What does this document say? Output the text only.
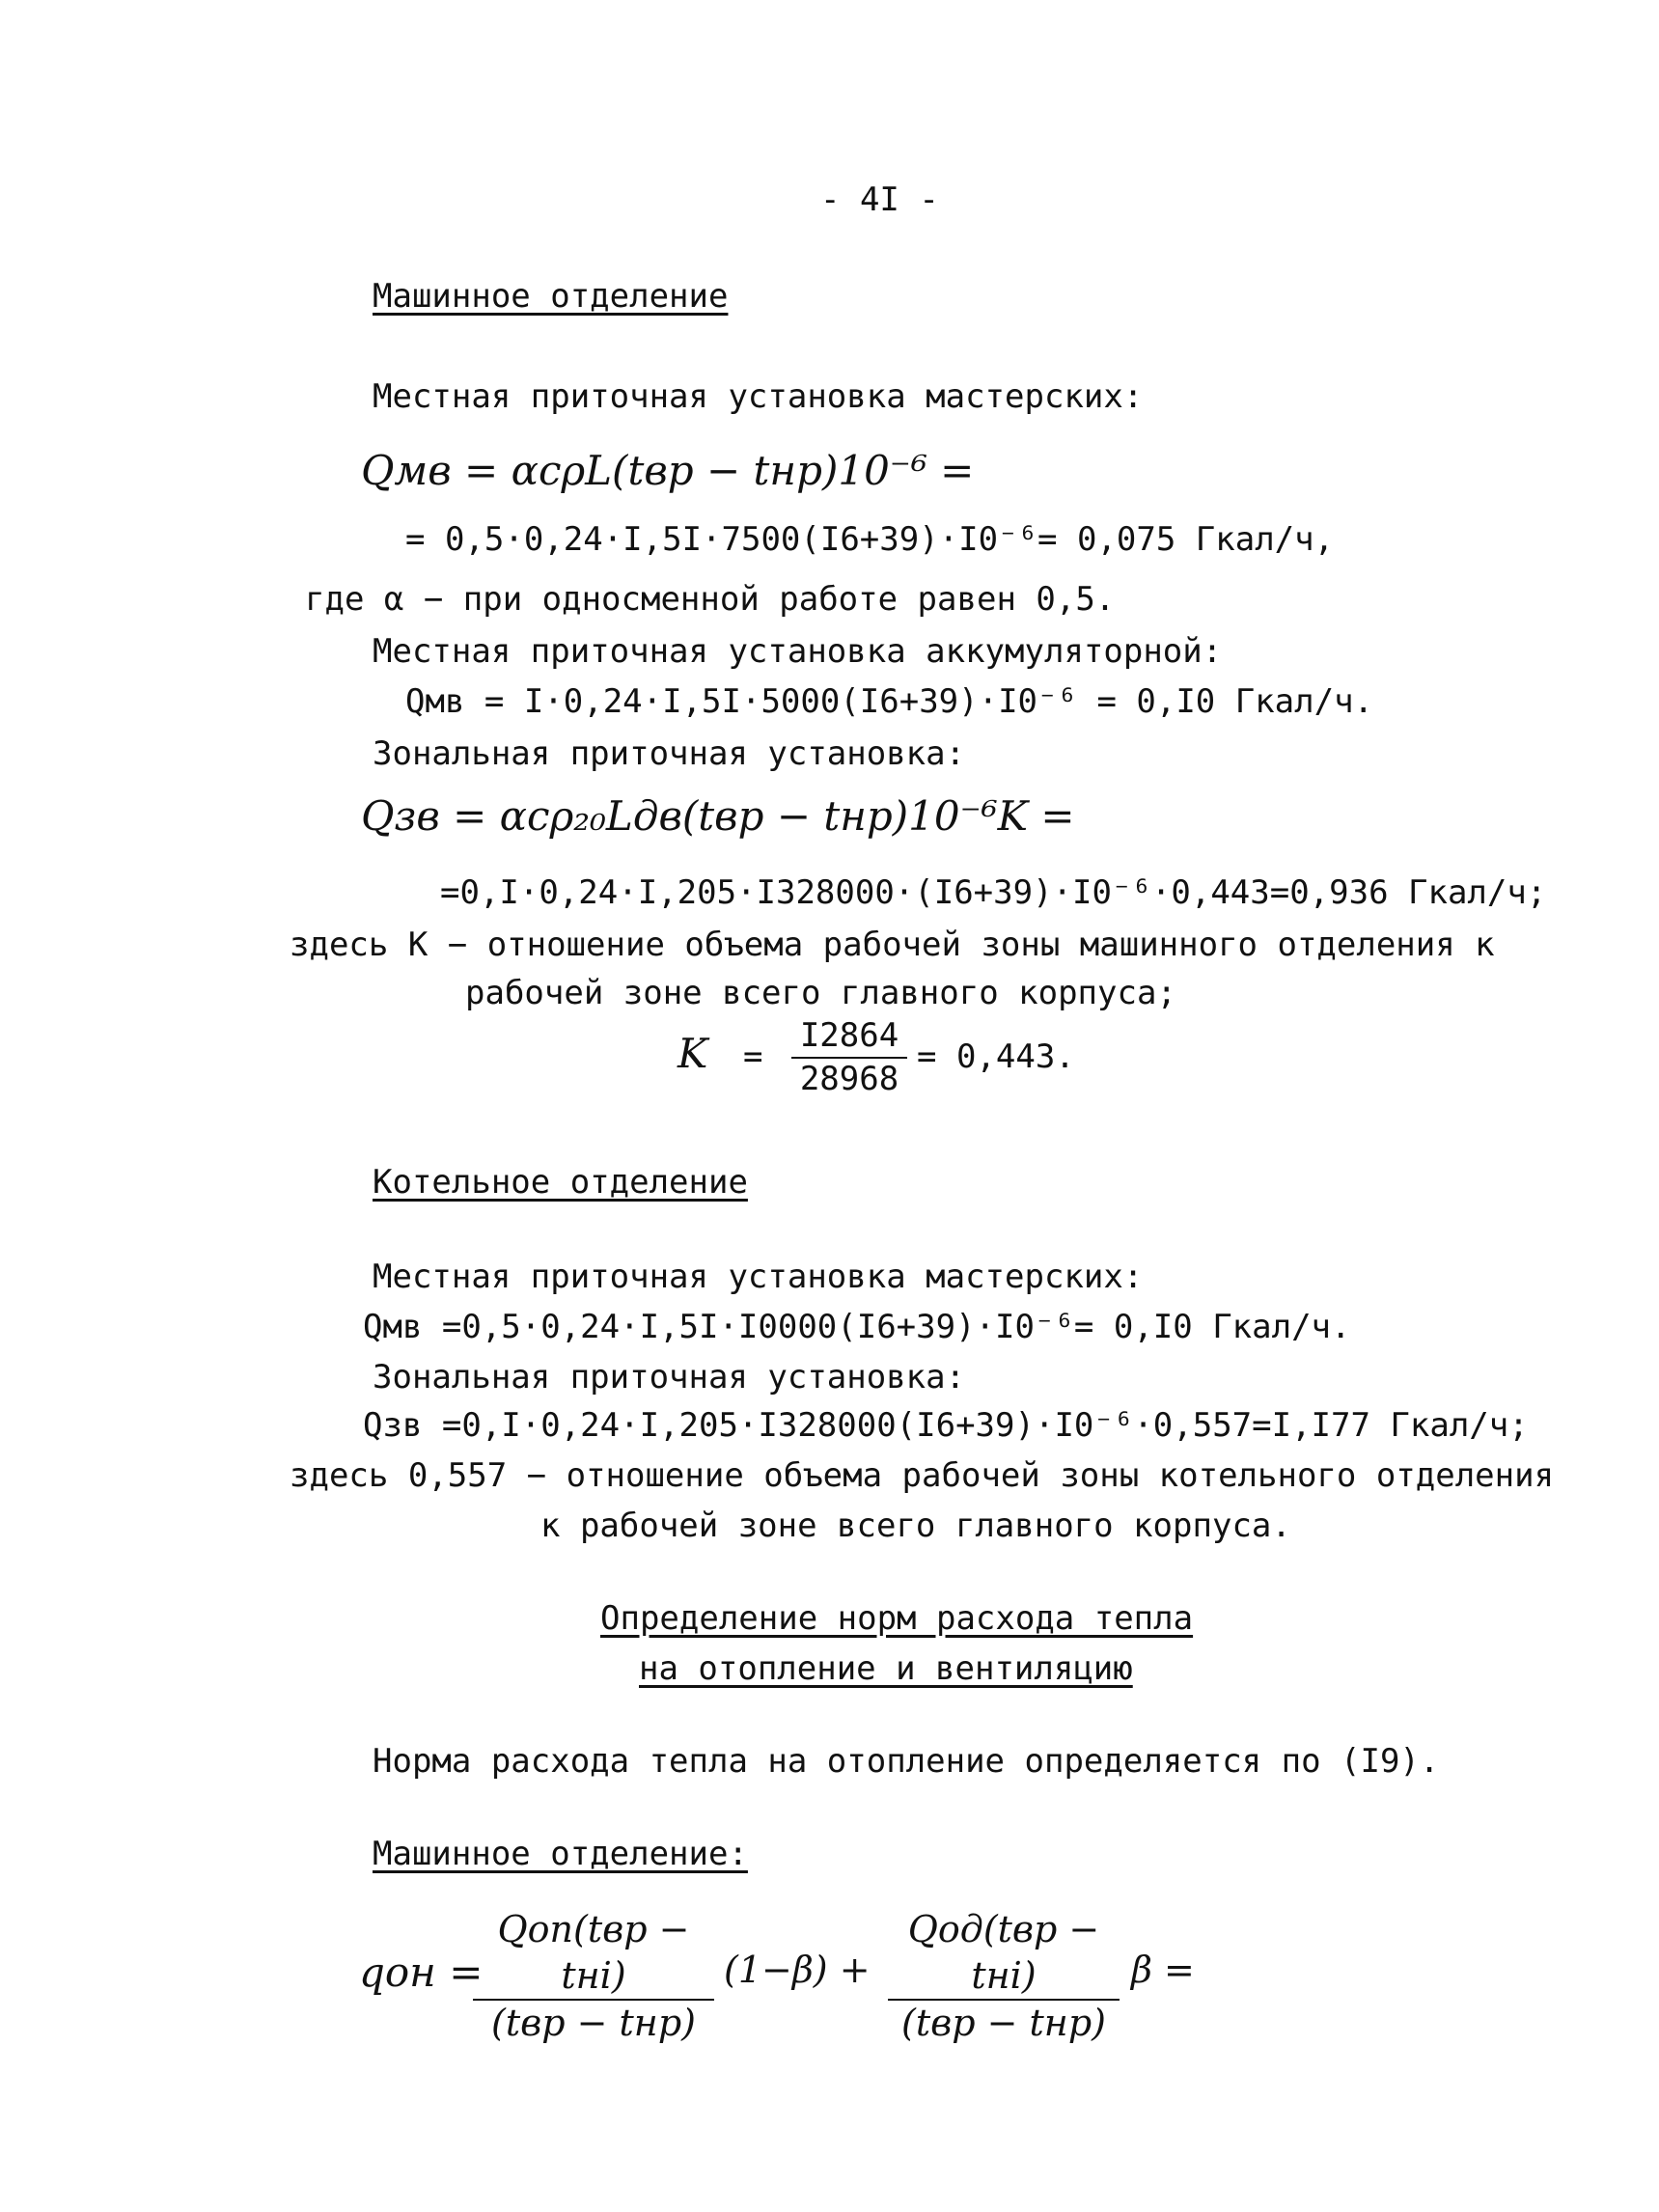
- 4I -
Машинное отделение
Местная приточная установка мастерских:
Qмв = αcρL(tвр − tнр)10⁻⁶ =
= 0,5·0,24·I,5I·7500(I6+39)·I0⁻⁶= 0,075 Гкал/ч,
где α − при односменной работе равен 0,5.
Местная приточная установка аккумуляторной:
Qмв = I·0,24·I,5I·5000(I6+39)·I0⁻⁶ = 0,I0 Гкал/ч.
Зональная приточная установка:
Qзв = αcρ₂₀Lдв(tвр − tнр)10⁻⁶K =
=0,I·0,24·I,205·I328000·(I6+39)·I0⁻⁶·0,443=0,936 Гкал/ч;
здесь K − отношение объема рабочей зоны машинного отделения к
рабочей зоне всего главного корпуса;
$K = \frac{I2864}{28968} = 0,443$.
Котельное отделение
Местная приточная установка мастерских:
Qмв =0,5·0,24·I,5I·I0000(I6+39)·I0⁻⁶= 0,I0 Гкал/ч.
Зональная приточная установка:
Qзв =0,I·0,24·I,205·I328000(I6+39)·I0⁻⁶·0,557=I,I77 Гкал/ч;
здесь 0,557 − отношение объема рабочей зоны котельного отделения
к рабочей зоне всего главного корпуса.
Определение норм расхода тепла
на отопление и вентиляцию
Норма расхода тепла на отопление определяется по (I9).
Машинное отделение:
qон =
Qоп(tвр − tнi)
(tвр − tнр)
(1−β) +
Qод(tвр − tнi)
(tвр − tнр)
β =
